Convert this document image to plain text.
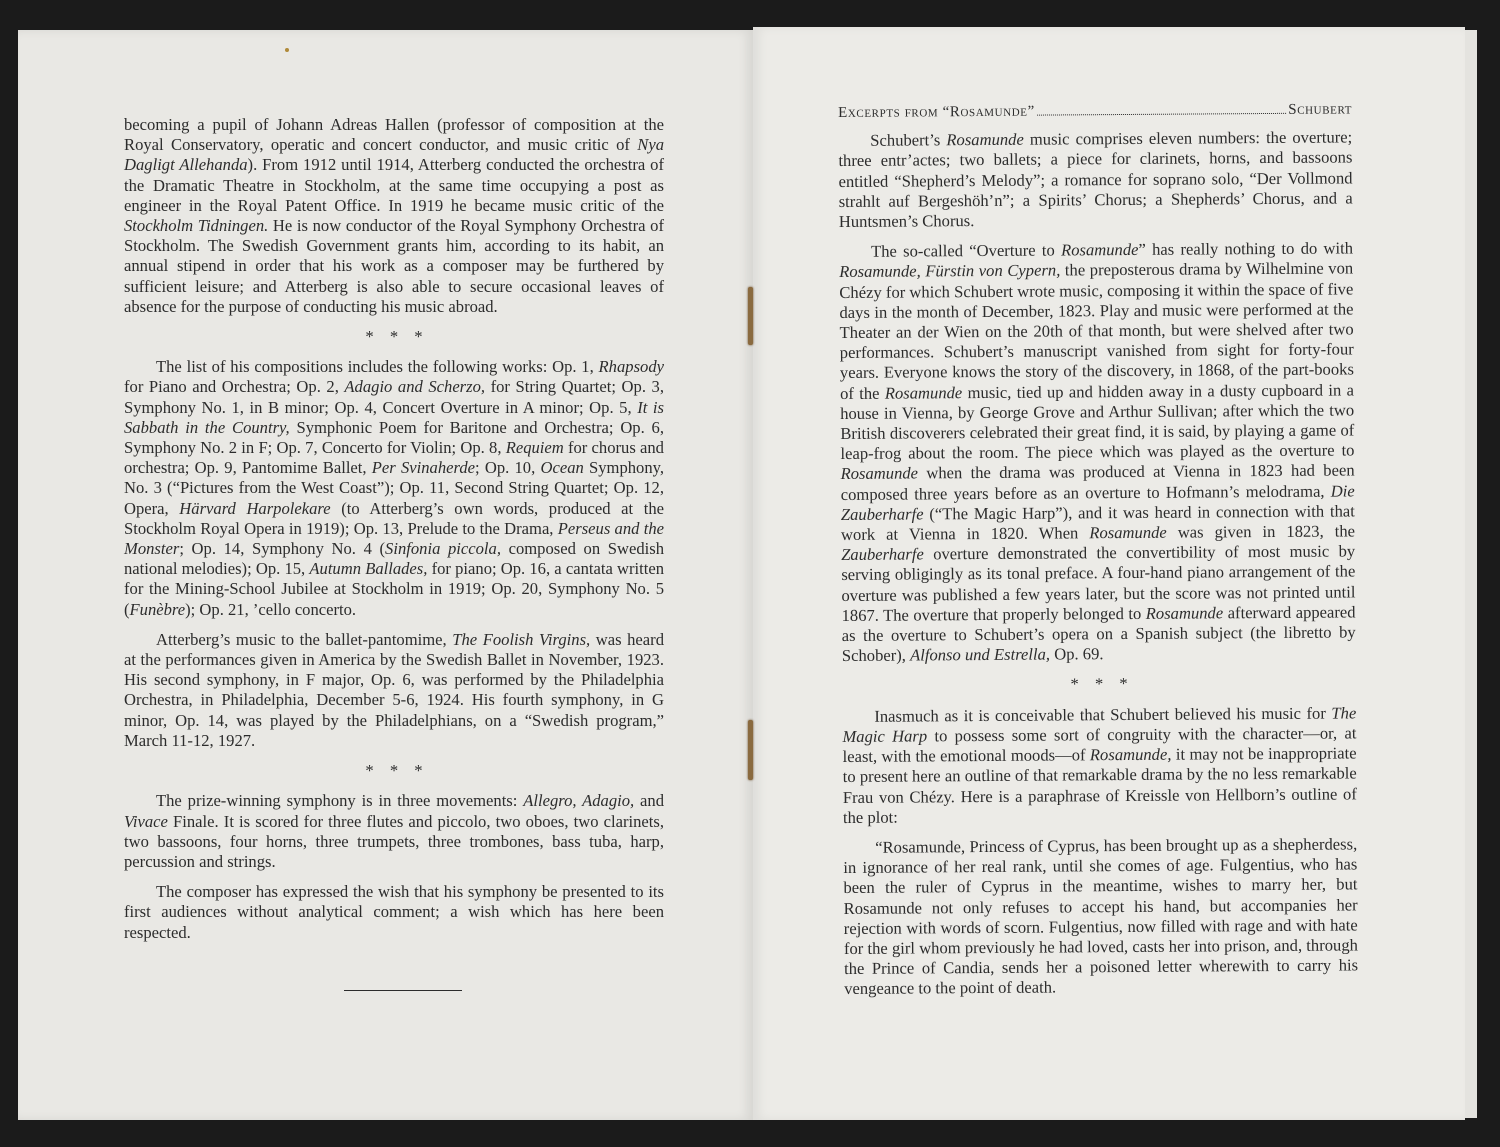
becoming a pupil of Johann Adreas Hallen (professor of composition at the Royal Conservatory, operatic and concert conductor, and music critic of Nya Dagligt Allehanda). From 1912 until 1914, Atterberg conducted the orchestra of the Dramatic Theatre in Stockholm, at the same time occupying a post as engineer in the Royal Patent Office. In 1919 he became music critic of the Stockholm Tidningen. He is now conductor of the Royal Symphony Orchestra of Stockholm. The Swedish Government grants him, according to its habit, an annual stipend in order that his work as a composer may be furthered by sufficient leisure; and Atterberg is also able to secure occasional leaves of absence for the purpose of conducting his music abroad.

* * *

The list of his compositions includes the following works: Op. 1, Rhapsody for Piano and Orchestra; Op. 2, Adagio and Scherzo, for String Quartet; Op. 3, Symphony No. 1, in B minor; Op. 4, Concert Overture in A minor; Op. 5, It is Sabbath in the Country, Symphonic Poem for Baritone and Orchestra; Op. 6, Symphony No. 2 in F; Op. 7, Concerto for Violin; Op. 8, Requiem for chorus and orchestra; Op. 9, Pantomime Ballet, Per Svinaherde; Op. 10, Ocean Symphony, No. 3 (“Pictures from the West Coast”); Op. 11, Second String Quartet; Op. 12, Opera, Härvard Harpolekare (to Atterberg’s own words, produced at the Stockholm Royal Opera in 1919); Op. 13, Prelude to the Drama, Perseus and the Monster; Op. 14, Symphony No. 4 (Sinfonia piccola, composed on Swedish national melodies); Op. 15, Autumn Ballades, for piano; Op. 16, a cantata written for the Mining-School Jubilee at Stockholm in 1919; Op. 20, Symphony No. 5 (Funèbre); Op. 21, ’cello concerto.

Atterberg’s music to the ballet-pantomime, The Foolish Virgins, was heard at the performances given in America by the Swedish Ballet in November, 1923. His second symphony, in F major, Op. 6, was performed by the Philadelphia Orchestra, in Philadelphia, December 5-6, 1924. His fourth symphony, in G minor, Op. 14, was played by the Philadelphians, on a “Swedish program,” March 11-12, 1927.

* * *

The prize-winning symphony is in three movements: Allegro, Adagio, and Vivace Finale. It is scored for three flutes and piccolo, two oboes, two clarinets, two bassoons, four horns, three trumpets, three trombones, bass tuba, harp, percussion and strings.

The composer has expressed the wish that his symphony be presented to its first audiences without analytical comment; a wish which has here been respected.

Excerpts from “Rosamunde”	Schubert

Schubert’s Rosamunde music comprises eleven numbers: the overture; three entr’actes; two ballets; a piece for clarinets, horns, and bassoons entitled “Shepherd’s Melody”; a romance for soprano solo, “Der Vollmond strahlt auf Bergeshöh’n”; a Spirits’ Chorus; a Shepherds’ Chorus, and a Huntsmen’s Chorus.

The so-called “Overture to Rosamunde” has really nothing to do with Rosamunde, Fürstin von Cypern, the preposterous drama by Wilhelmine von Chézy for which Schubert wrote music, composing it within the space of five days in the month of December, 1823. Play and music were performed at the Theater an der Wien on the 20th of that month, but were shelved after two performances. Schubert’s manuscript vanished from sight for forty-four years. Everyone knows the story of the discovery, in 1868, of the part-books of the Rosamunde music, tied up and hidden away in a dusty cupboard in a house in Vienna, by George Grove and Arthur Sullivan; after which the two British discoverers celebrated their great find, it is said, by playing a game of leap-frog about the room. The piece which was played as the overture to Rosamunde when the drama was produced at Vienna in 1823 had been composed three years before as an overture to Hofmann’s melodrama, Die Zauberharfe (“The Magic Harp”), and it was heard in connection with that work at Vienna in 1820. When Rosamunde was given in 1823, the Zauberharfe overture demonstrated the convertibility of most music by serving obligingly as its tonal preface. A four-hand piano arrangement of the overture was published a few years later, but the score was not printed until 1867. The overture that properly belonged to Rosamunde afterward appeared as the overture to Schubert’s opera on a Spanish subject (the libretto by Schober), Alfonso und Estrella, Op. 69.

* * *

Inasmuch as it is conceivable that Schubert believed his music for The Magic Harp to possess some sort of congruity with the character—or, at least, with the emotional moods—of Rosamunde, it may not be inappropriate to present here an outline of that remarkable drama by the no less remarkable Frau von Chézy. Here is a paraphrase of Kreissle von Hellborn’s outline of the plot:

“Rosamunde, Princess of Cyprus, has been brought up as a shepherdess, in ignorance of her real rank, until she comes of age. Fulgentius, who has been the ruler of Cyprus in the meantime, wishes to marry her, but Rosamunde not only refuses to accept his hand, but accompanies her rejection with words of scorn. Fulgentius, now filled with rage and with hate for the girl whom previously he had loved, casts her into prison, and, through the Prince of Candia, sends her a poisoned letter wherewith to carry his vengeance to the point of death.
